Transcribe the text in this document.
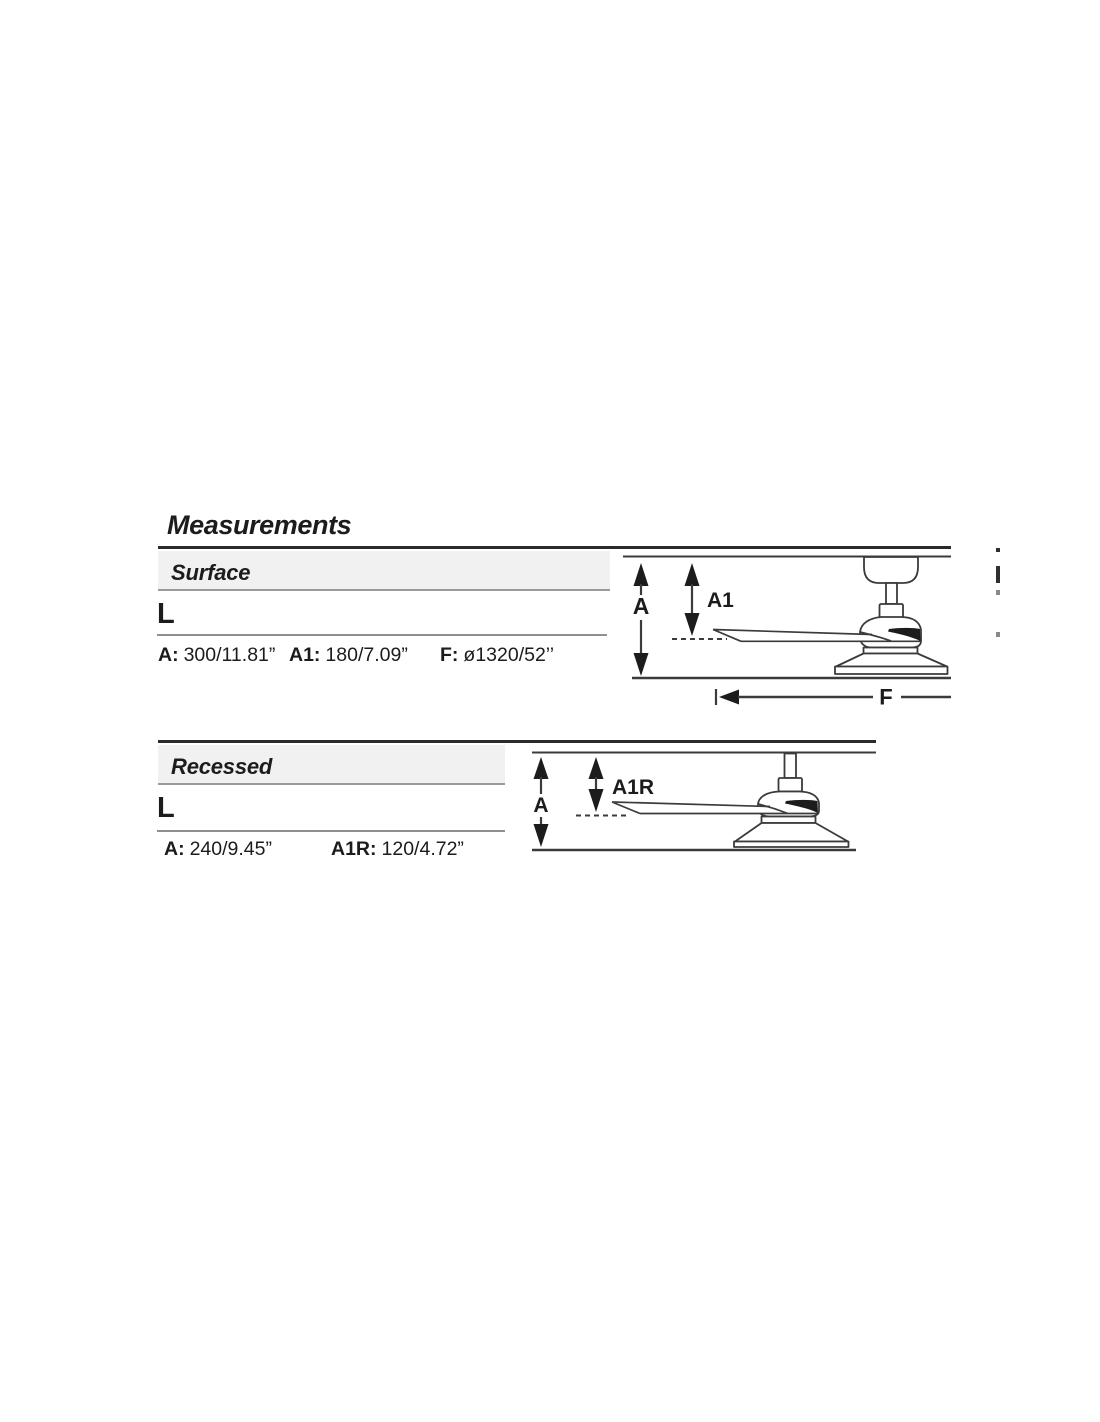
Measurements
Surface
L
A: 300/11.81” A1: 180/7.09” F: ø1320/52’’
A	A1
F
Recessed
L
A: 240/9.45”	A1R: 120/4.72”
A
A1R
